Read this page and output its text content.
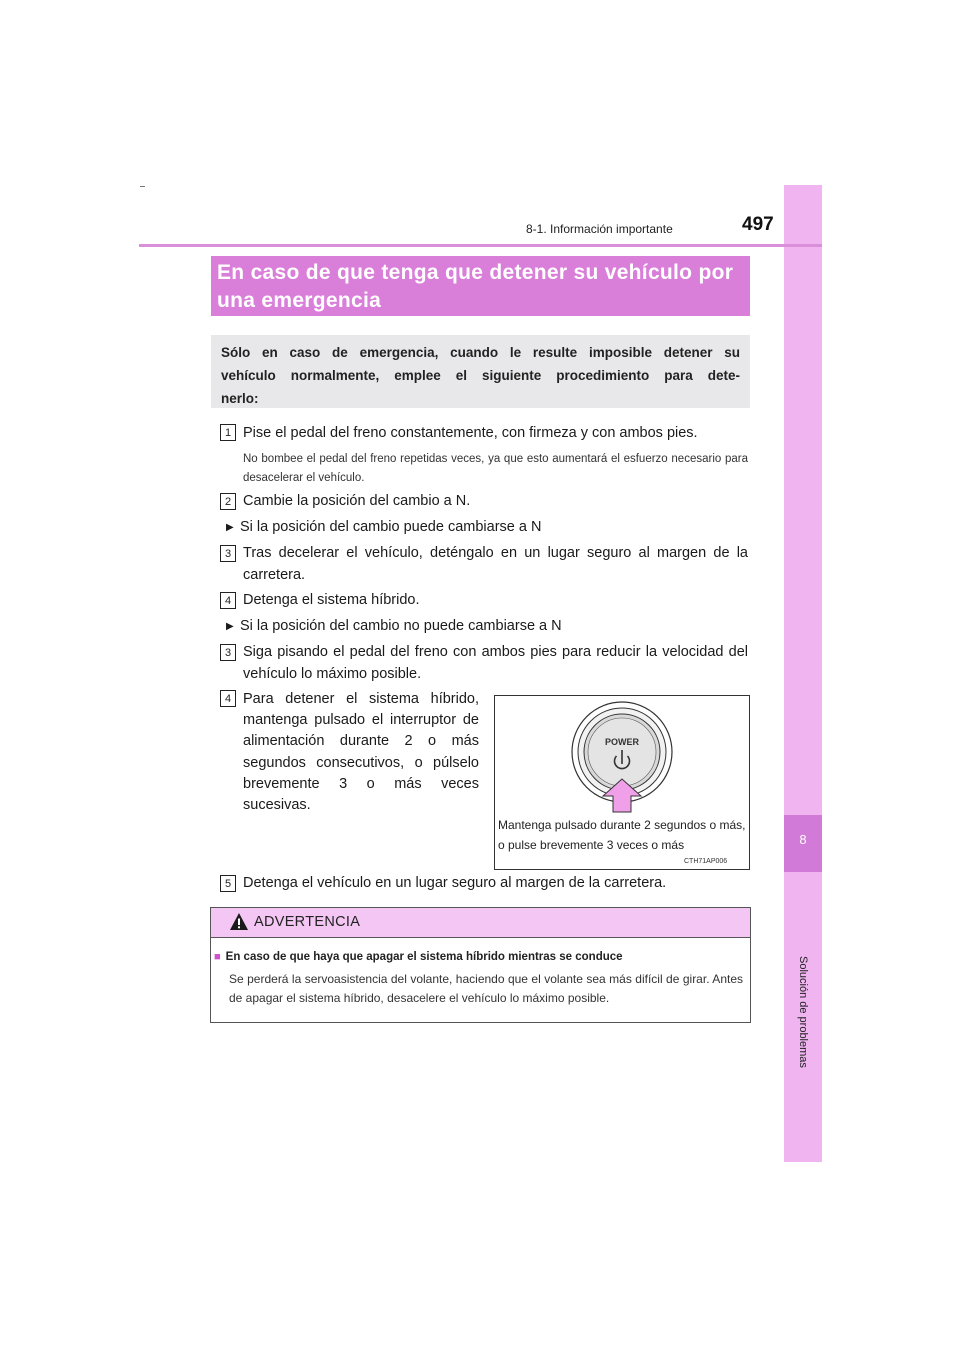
8
Solución de problemas
8-1. Información importante	497
En caso de que tenga que detener su vehículo por una emergencia
Sólo en caso de emergencia, cuando le resulte imposible detener su
vehículo normalmente, emplee el siguiente procedimiento para dete-
nerlo:
1 Pise el pedal del freno constantemente, con firmeza y con ambos pies.
No bombee el pedal del freno repetidas veces, ya que esto aumentará el esfuerzo necesario para desacelerar el vehículo.
2 Cambie la posición del cambio a N.
▶ Si la posición del cambio puede cambiarse a N
3 Tras decelerar el vehículo, deténgalo en un lugar seguro al margen de la carretera.
4 Detenga el sistema híbrido.
▶ Si la posición del cambio no puede cambiarse a N
3 Siga pisando el pedal del freno con ambos pies para reducir la velocidad del vehículo lo máximo posible.
4 Para detener el sistema híbrido, mantenga pulsado el interruptor de alimentación durante 2 o más segundos consecutivos, o púlselo brevemente 3 o más veces sucesivas.
POWER
Mantenga pulsado durante 2 segundos o más, o pulse brevemente 3 veces o más
CTH71AP006
5 Detenga el vehículo en un lugar seguro al margen de la carretera.
ADVERTENCIA
■ En caso de que haya que apagar el sistema híbrido mientras se conduce
Se perderá la servoasistencia del volante, haciendo que el volante sea más difícil de girar. Antes de apagar el sistema híbrido, desacelere el vehículo lo máximo posible.
